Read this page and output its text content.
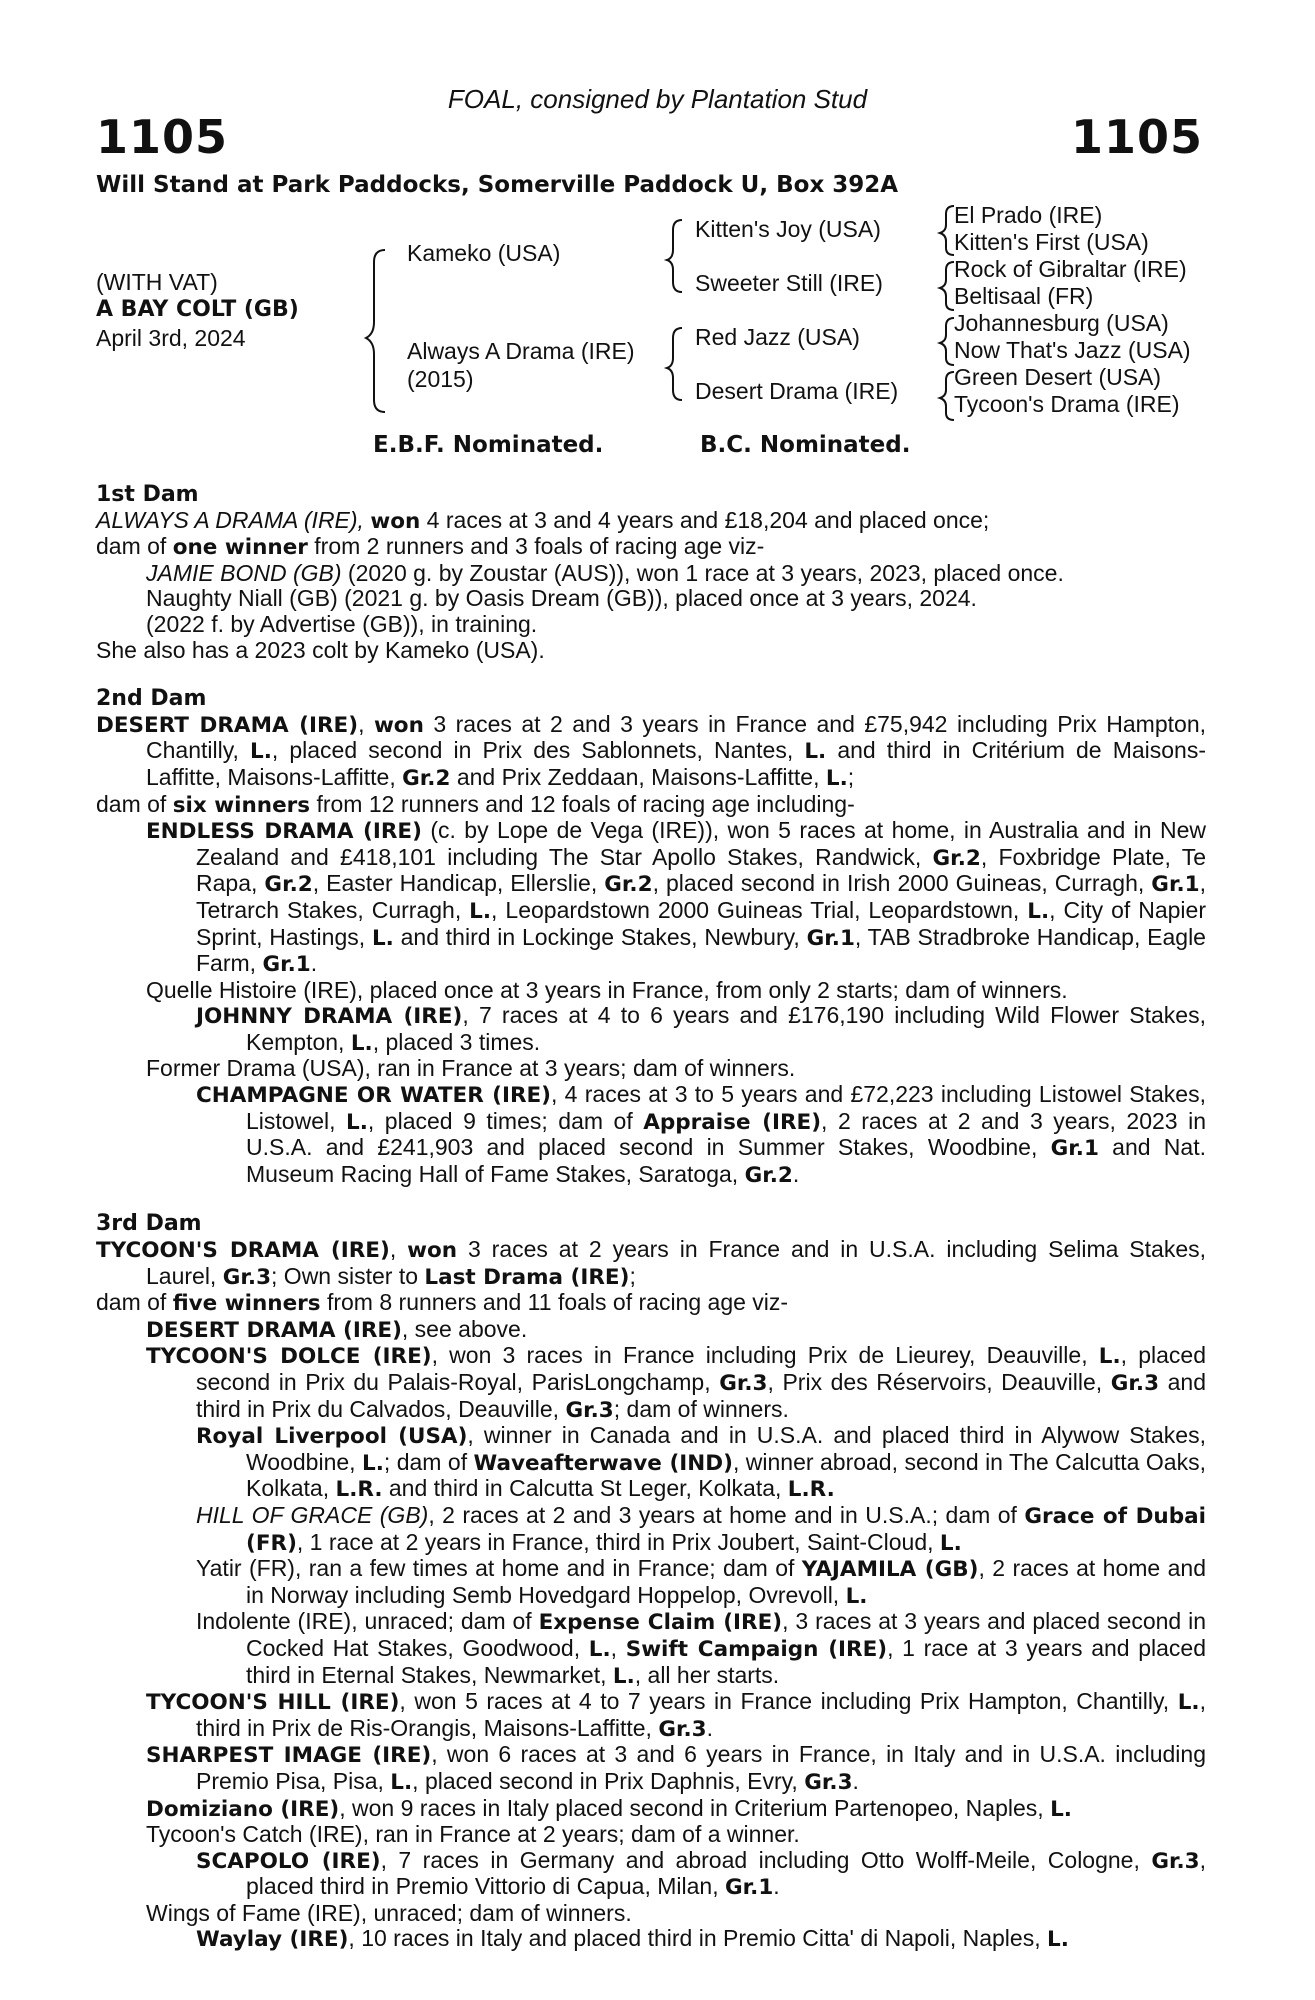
FOAL, consigned by Plantation Stud
1105	1105
Will Stand at Park Paddocks, Somerville Paddock U, Box 392A
(WITH VAT)
A BAY COLT (GB)
April 3rd, 2024
Kameko (USA)
Always A Drama (IRE)
(2015)
Kitten's Joy (USA)
Sweeter Still (IRE)
Red Jazz (USA)
Desert Drama (IRE)
El Prado (IRE)
Kitten's First (USA)
Rock of Gibraltar (IRE)
Beltisaal (FR)
Johannesburg (USA)
Now That's Jazz (USA)
Green Desert (USA)
Tycoon's Drama (IRE)
E.B.F. Nominated.	B.C. Nominated.

1st Dam

ALWAYS A DRAMA (IRE), won 4 races at 3 and 4 years and £18,204 and placed once;

dam of one winner from 2 runners and 3 foals of racing age viz-

JAMIE BOND (GB) (2020 g. by Zoustar (AUS)), won 1 race at 3 years, 2023, placed once.

Naughty Niall (GB) (2021 g. by Oasis Dream (GB)), placed once at 3 years, 2024.

(2022 f. by Advertise (GB)), in training.

She also has a 2023 colt by Kameko (USA).

2nd Dam

DESERT DRAMA (IRE), won 3 races at 2 and 3 years in France and £75,942 including Prix Hampton, Chantilly, L., placed second in Prix des Sablonnets, Nantes, L. and third in Critérium de Maisons-Laffitte, Maisons-Laffitte, Gr.2 and Prix Zeddaan, Maisons-Laffitte, L.;

dam of six winners from 12 runners and 12 foals of racing age including-

ENDLESS DRAMA (IRE) (c. by Lope de Vega (IRE)), won 5 races at home, in Australia and in New Zealand and £418,101 including The Star Apollo Stakes, Randwick, Gr.2, Foxbridge Plate, Te Rapa, Gr.2, Easter Handicap, Ellerslie, Gr.2, placed second in Irish 2000 Guineas, Curragh, Gr.1, Tetrarch Stakes, Curragh, L., Leopardstown 2000 Guineas Trial, Leopardstown, L., City of Napier Sprint, Hastings, L. and third in Lockinge Stakes, Newbury, Gr.1, TAB Stradbroke Handicap, Eagle Farm, Gr.1.

Quelle Histoire (IRE), placed once at 3 years in France, from only 2 starts; dam of winners.

JOHNNY DRAMA (IRE), 7 races at 4 to 6 years and £176,190 including Wild Flower Stakes, Kempton, L., placed 3 times.

Former Drama (USA), ran in France at 3 years; dam of winners.

CHAMPAGNE OR WATER (IRE), 4 races at 3 to 5 years and £72,223 including Listowel Stakes, Listowel, L., placed 9 times; dam of Appraise (IRE), 2 races at 2 and 3 years, 2023 in U.S.A. and £241,903 and placed second in Summer Stakes, Woodbine, Gr.1 and Nat. Museum Racing Hall of Fame Stakes, Saratoga, Gr.2.

3rd Dam

TYCOON'S DRAMA (IRE), won 3 races at 2 years in France and in U.S.A. including Selima Stakes, Laurel, Gr.3; Own sister to Last Drama (IRE);

dam of five winners from 8 runners and 11 foals of racing age viz-

DESERT DRAMA (IRE), see above.

TYCOON'S DOLCE (IRE), won 3 races in France including Prix de Lieurey, Deauville, L., placed second in Prix du Palais-Royal, ParisLongchamp, Gr.3, Prix des Réservoirs, Deauville, Gr.3 and third in Prix du Calvados, Deauville, Gr.3; dam of winners.

Royal Liverpool (USA), winner in Canada and in U.S.A. and placed third in Alywow Stakes, Woodbine, L.; dam of Waveafterwave (IND), winner abroad, second in The Calcutta Oaks, Kolkata, L.R. and third in Calcutta St Leger, Kolkata, L.R.

HILL OF GRACE (GB), 2 races at 2 and 3 years at home and in U.S.A.; dam of Grace of Dubai (FR), 1 race at 2 years in France, third in Prix Joubert, Saint-Cloud, L.

Yatir (FR), ran a few times at home and in France; dam of YAJAMILA (GB), 2 races at home and in Norway including Semb Hovedgard Hoppelop, Ovrevoll, L.

Indolente (IRE), unraced; dam of Expense Claim (IRE), 3 races at 3 years and placed second in Cocked Hat Stakes, Goodwood, L., Swift Campaign (IRE), 1 race at 3 years and placed third in Eternal Stakes, Newmarket, L., all her starts.

TYCOON'S HILL (IRE), won 5 races at 4 to 7 years in France including Prix Hampton, Chantilly, L., third in Prix de Ris-Orangis, Maisons-Laffitte, Gr.3.

SHARPEST IMAGE (IRE), won 6 races at 3 and 6 years in France, in Italy and in U.S.A. including Premio Pisa, Pisa, L., placed second in Prix Daphnis, Evry, Gr.3.

Domiziano (IRE), won 9 races in Italy placed second in Criterium Partenopeo, Naples, L.

Tycoon's Catch (IRE), ran in France at 2 years; dam of a winner.

SCAPOLO (IRE), 7 races in Germany and abroad including Otto Wolff-Meile, Cologne, Gr.3, placed third in Premio Vittorio di Capua, Milan, Gr.1.

Wings of Fame (IRE), unraced; dam of winners.

Waylay (IRE), 10 races in Italy and placed third in Premio Citta' di Napoli, Naples, L.
